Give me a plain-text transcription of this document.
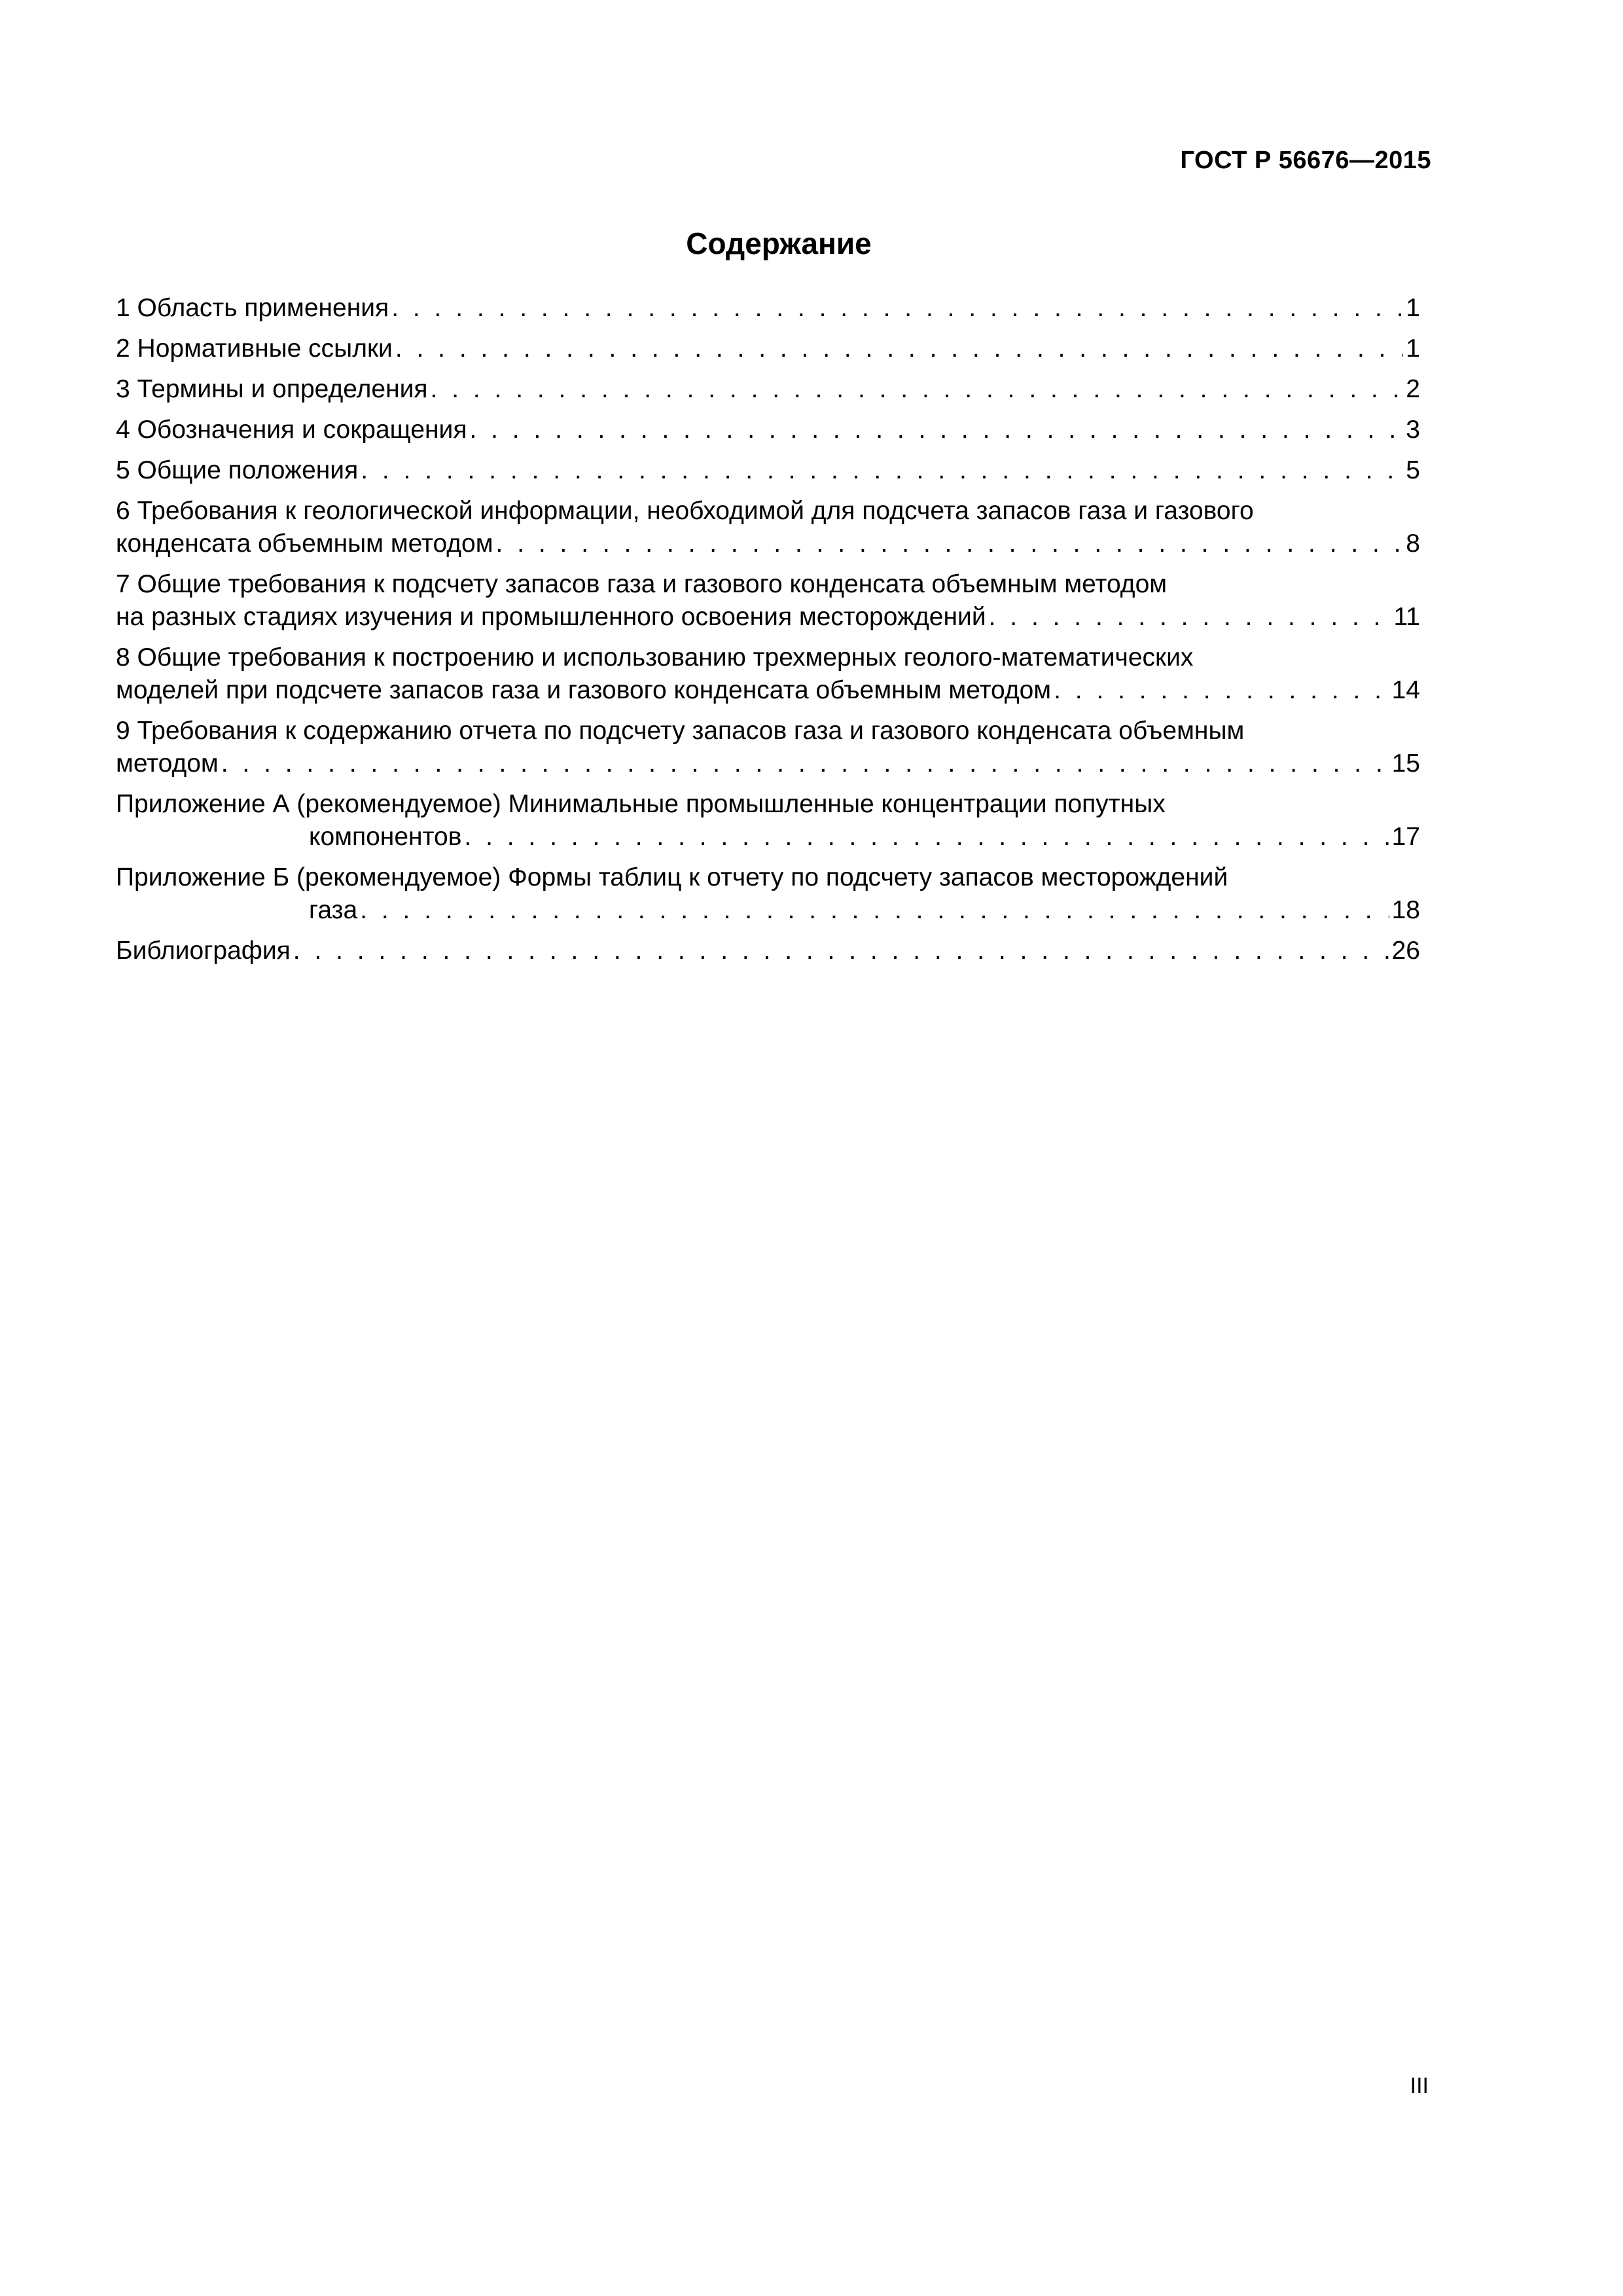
ГОСТ Р 56676—2015
Содержание
1 Область применения . . .	1
2 Нормативные ссылки . . .	1
3 Термины и определения . . .	2
4 Обозначения и сокращения . . .	3
5 Общие положения . . .	5
6 Требования к геологической информации, необходимой для подсчета запасов газа и газового
конденсата объемным методом . . .	8
7 Общие требования к подсчету запасов газа и газового конденсата объемным методом
на разных стадиях изучения и промышленного освоения месторождений . . .	11
8 Общие требования к построению и использованию трехмерных геолого-математических
моделей при подсчете запасов газа и газового конденсата объемным методом . . .	14
9 Требования к содержанию отчета по подсчету запасов газа и газового конденсата объемным
методом . . .	15
Приложение А (рекомендуемое) Минимальные промышленные концентрации попутных
компонентов . . .	17
Приложение Б (рекомендуемое) Формы таблиц к отчету по подсчету запасов месторождений
газа . . .	18
Библиография . . .	26
III
